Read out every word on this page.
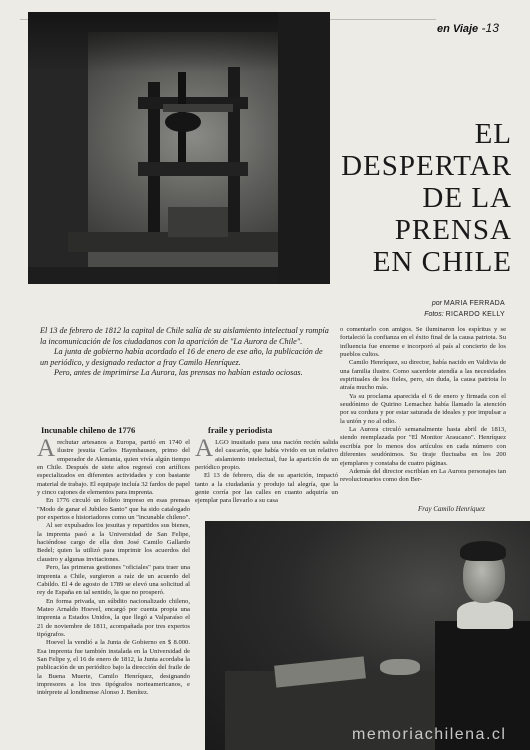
en Viaje -13
EL DESPERTAR
DE LA PRENSA
EN CHILE
por MARIA FERRADA
Fotos: RICARDO KELLY

El 13 de febrero de 1812 la capital de Chile salía de su aislamiento intelectual y rompía la incomunicación de los ciudadanos con la aparición de "La Aurora de Chile".

La junta de gobierno había acordado el 16 de enero de ese año, la publicación de un periódico, y designado redactor a fray Camilo Henríquez.

Pero, antes de imprimirse La Aurora, las prensas no habían estado ociosas.

o comentarlo con amigos. Se iluminaron los espíritus y se fortaleció la confianza en el éxito final de la causa patriota. Su influencia fue enorme e incorporó al país al concierto de los pueblos cultos.

Camilo Henríquez, su director, había nacido en Valdivia de una familia ilustre. Como sacerdote atendía a las necesidades espirituales de los fieles, pero, sin duda, la causa patriota lo atraía mucho más.

Ya su proclama aparecida el 6 de enero y firmada con el seudónimo de Quirino Lemachez había llamado la atención por su cordura y por estar saturada de ideales y por impulsar a la unión y no al odio.

La Aurora circuló semanalmente hasta abril de 1813, siendo reemplazada por "El Monitor Araucano". Henríquez escribía por lo menos dos artículos en cada número con diferentes seudónimos. Su tiraje fluctuaba en los 200 ejemplares y constaba de cuatro páginas.

Además del director escribían en La Aurora personajes tan revolucionarios como don Ber-

Incunable chileno de 1776	fraile y periodista

Arechutar artesanos a Europa, partió en 1740 el ilustre jesuita Carlos Haymhausen, primo del emperador de Alemania, quien vivía algún tiempo en Chile. Después de siete años regresó con artífices especializados en diferentes actividades y con bastante material de trabajo. El equipaje incluía 32 fardos de papel y cinco cajones de elementos para imprenta.

En 1776 circuló un folleto impreso en esas prensas "Modo de ganar el Jubileo Santo" que ha sido catalogado por expertos e historiadores como un "incunable chileno".

Al ser expulsados los jesuitas y repartidos sus bienes, la imprenta pasó a la Universidad de San Felipe, haciéndose cargo de ella don José Camilo Gallardo Bedel; quien la utilizó para imprimir los acuerdos del claustro y algunas invitaciones.

Pero, las primeras gestiones "oficiales" para traer una imprenta a Chile, surgieron a raíz de un acuerdo del Cabildo. El 4 de agosto de 1789 se elevó una solicitud al rey de España en tal sentido, la que no prosperó.

En forma privada, un súbdito nacionalizado chileno, Mateo Arnaldo Hoevel, encargó por cuenta propia una imprenta a Estados Unidos, la que llegó a Valparaíso el 21 de noviembre de 1811, acompañada por tres expertos tipógrafos.

Hoevel la vendió a la Junta de Gobierno en $ 8.000. Esa imprenta fue también instalada en la Universidad de San Felipe y, el 16 de enero de 1812, la Junta acordaba la publicación de un periódico bajo la dirección del fraile de la Buena Muerte, Camilo Henríquez, designando impresores a los tres tipógrafos norteamericanos, e intérprete al londinense Alonso J. Benítez.

ALGO inusitado para una nación recién salida del cascarón, que había vivido en un relativo aislamiento intelectual, fue la aparición de un periódico propio.

El 13 de febrero, día de su aparición, impactó tanto a la ciudadanía y produjo tal alegría, que la gente corría por las calles en cuanto adquiría un ejemplar para llevarlo a su casa

Fray Camilo Henríquez
memoriachilena.cl
